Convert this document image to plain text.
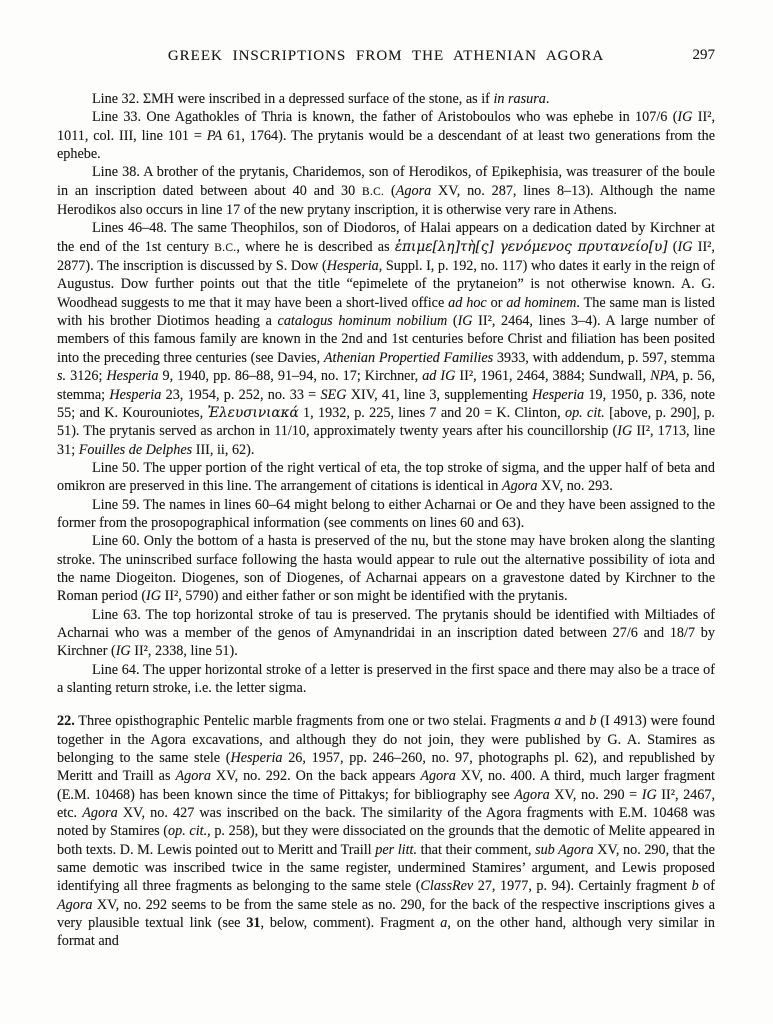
GREEK INSCRIPTIONS FROM THE ATHENIAN AGORA	297

Line 32. ΣΜΗ were inscribed in a depressed surface of the stone, as if in rasura.

Line 33. One Agathokles of Thria is known, the father of Aristoboulos who was ephebe in 107/6 (IG II², 1011, col. III, line 101 = PA 61, 1764). The prytanis would be a descendant of at least two generations from the ephebe.

Line 38. A brother of the prytanis, Charidemos, son of Herodikos, of Epikephisia, was treasurer of the boule in an inscription dated between about 40 and 30 B.C. (Agora XV, no. 287, lines 8–13). Although the name Herodikos also occurs in line 17 of the new prytany inscription, it is otherwise very rare in Athens.

Lines 46–48. The same Theophilos, son of Diodoros, of Halai appears on a dedication dated by Kirchner at the end of the 1st century B.C., where he is described as ἐπιμε[λη]τὴ[ς] γενόμενος πρυτανείο[υ] (IG II², 2877). The inscription is discussed by S. Dow (Hesperia, Suppl. I, p. 192, no. 117) who dates it early in the reign of Augustus. Dow further points out that the title “epimelete of the prytaneion” is not otherwise known. A. G. Woodhead suggests to me that it may have been a short-lived office ad hoc or ad hominem. The same man is listed with his brother Diotimos heading a catalogus hominum nobilium (IG II², 2464, lines 3–4). A large number of members of this famous family are known in the 2nd and 1st centuries before Christ and filiation has been posited into the preceding three centuries (see Davies, Athenian Propertied Families 3933, with addendum, p. 597, stemma s. 3126; Hesperia 9, 1940, pp. 86–88, 91–94, no. 17; Kirchner, ad IG II², 1961, 2464, 3884; Sundwall, NPA, p. 56, stemma; Hesperia 23, 1954, p. 252, no. 33 = SEG XIV, 41, line 3, supplementing Hesperia 19, 1950, p. 336, note 55; and K. Kourouniotes, Ἐλευσινιακά 1, 1932, p. 225, lines 7 and 20 = K. Clinton, op. cit. [above, p. 290], p. 51). The prytanis served as archon in 11/10, approximately twenty years after his councillorship (IG II², 1713, line 31; Fouilles de Delphes III, ii, 62).

Line 50. The upper portion of the right vertical of eta, the top stroke of sigma, and the upper half of beta and omikron are preserved in this line. The arrangement of citations is identical in Agora XV, no. 293.

Line 59. The names in lines 60–64 might belong to either Acharnai or Oe and they have been assigned to the former from the prosopographical information (see comments on lines 60 and 63).

Line 60. Only the bottom of a hasta is preserved of the nu, but the stone may have broken along the slanting stroke. The uninscribed surface following the hasta would appear to rule out the alternative possibility of iota and the name Diogeiton. Diogenes, son of Diogenes, of Acharnai appears on a gravestone dated by Kirchner to the Roman period (IG II², 5790) and either father or son might be identified with the prytanis.

Line 63. The top horizontal stroke of tau is preserved. The prytanis should be identified with Miltiades of Acharnai who was a member of the genos of Amynandridai in an inscription dated between 27/6 and 18/7 by Kirchner (IG II², 2338, line 51).

Line 64. The upper horizontal stroke of a letter is preserved in the first space and there may also be a trace of a slanting return stroke, i.e. the letter sigma.

22. Three opisthographic Pentelic marble fragments from one or two stelai. Fragments a and b (I 4913) were found together in the Agora excavations, and although they do not join, they were published by G. A. Stamires as belonging to the same stele (Hesperia 26, 1957, pp. 246–260, no. 97, photographs pl. 62), and republished by Meritt and Traill as Agora XV, no. 292. On the back appears Agora XV, no. 400. A third, much larger fragment (E.M. 10468) has been known since the time of Pittakys; for bibliography see Agora XV, no. 290 = IG II², 2467, etc. Agora XV, no. 427 was inscribed on the back. The similarity of the Agora fragments with E.M. 10468 was noted by Stamires (op. cit., p. 258), but they were dissociated on the grounds that the demotic of Melite appeared in both texts. D. M. Lewis pointed out to Meritt and Traill per litt. that their comment, sub Agora XV, no. 290, that the same demotic was inscribed twice in the same register, undermined Stamires’ argument, and Lewis proposed identifying all three fragments as belonging to the same stele (ClassRev 27, 1977, p. 94). Certainly fragment b of Agora XV, no. 292 seems to be from the same stele as no. 290, for the back of the respective inscriptions gives a very plausible textual link (see 31, below, comment). Fragment a, on the other hand, although very similar in format and
